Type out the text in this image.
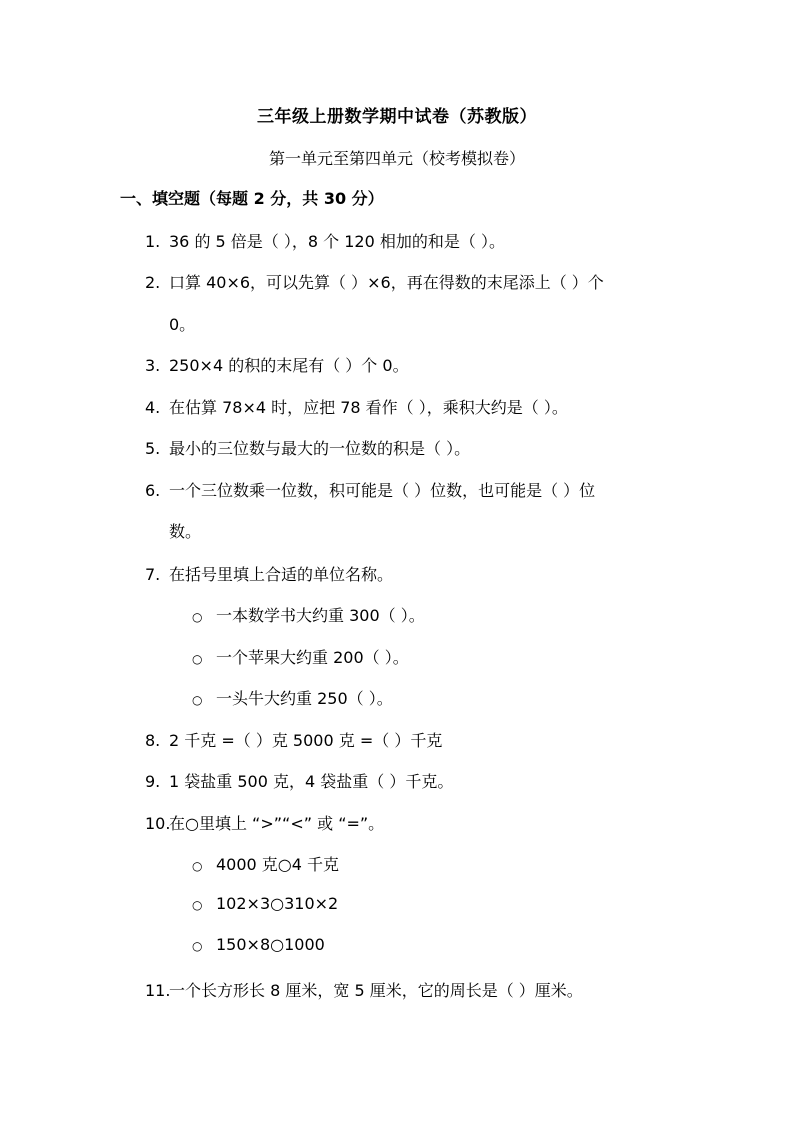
三年级上册数学期中试卷（苏教版）
第一单元至第四单元（校考模拟卷）
一、填空题（每题 2 分，共 30 分）
1. 36 的 5 倍是（ ），8 个 120 相加的和是（ ）。
2. 口算 40×6，可以先算（ ）×6，再在得数的末尾添上（ ）个
0。
3. 250×4 的积的末尾有（ ）个 0。
4. 在估算 78×4 时，应把 78 看作（ ），乘积大约是（ ）。
5. 最小的三位数与最大的一位数的积是（ ）。
6. 一个三位数乘一位数，积可能是（ ）位数，也可能是（ ）位
数。
7. 在括号里填上合适的单位名称。
○ 一本数学书大约重 300（ ）。
○ 一个苹果大约重 200（ ）。
○ 一头牛大约重 250（ ）。
8. 2 千克 =（ ）克 5000 克 =（ ）千克
9. 1 袋盐重 500 克，4 袋盐重（ ）千克。
10.在○里填上 “>”“<” 或 “=”。
○ 4000 克○4 千克
○ 102×3○310×2
○ 150×8○1000
11.一个长方形长 8 厘米，宽 5 厘米，它的周长是（ ）厘米。
